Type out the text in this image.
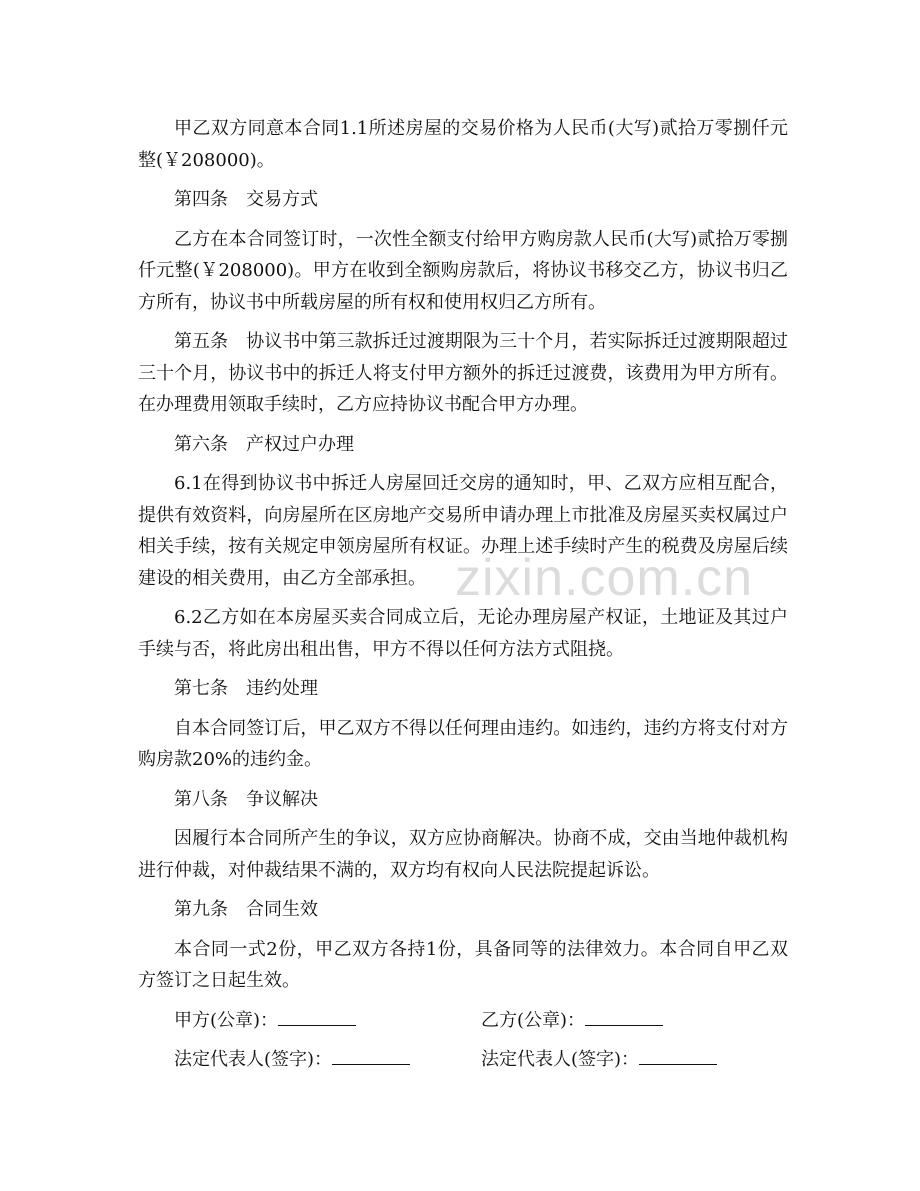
甲乙双方同意本合同1.1所述房屋的交易价格为人民币(大写)贰拾万零捌仟元整(￥208000)。

第四条　交易方式

乙方在本合同签订时，一次性全额支付给甲方购房款人民币(大写)贰拾万零捌仟元整(￥208000)。甲方在收到全额购房款后，将协议书移交乙方，协议书归乙方所有，协议书中所载房屋的所有权和使用权归乙方所有。

第五条　协议书中第三款拆迁过渡期限为三十个月，若实际拆迁过渡期限超过三十个月，协议书中的拆迁人将支付甲方额外的拆迁过渡费，该费用为甲方所有。在办理费用领取手续时，乙方应持协议书配合甲方办理。

第六条　产权过户办理

6.1在得到协议书中拆迁人房屋回迁交房的通知时，甲、乙双方应相互配合，提供有效资料，向房屋所在区房地产交易所申请办理上市批准及房屋买卖权属过户相关手续，按有关规定申领房屋所有权证。办理上述手续时产生的税费及房屋后续建设的相关费用，由乙方全部承担。

6.2乙方如在本房屋买卖合同成立后，无论办理房屋产权证，土地证及其过户手续与否，将此房出租出售，甲方不得以任何方法方式阻挠。

第七条　违约处理

自本合同签订后，甲乙双方不得以任何理由违约。如违约，违约方将支付对方购房款20%的违约金。

第八条　争议解决

因履行本合同所产生的争议，双方应协商解决。协商不成，交由当地仲裁机构进行仲裁，对仲裁结果不满的，双方均有权向人民法院提起诉讼。

第九条　合同生效

本合同一式2份，甲乙双方各持1份，具备同等的法律效力。本合同自甲乙双方签订之日起生效。

甲方(公章)：	乙方(公章)：
法定代表人(签字)：	法定代表人(签字)：
zixin.com.cn
